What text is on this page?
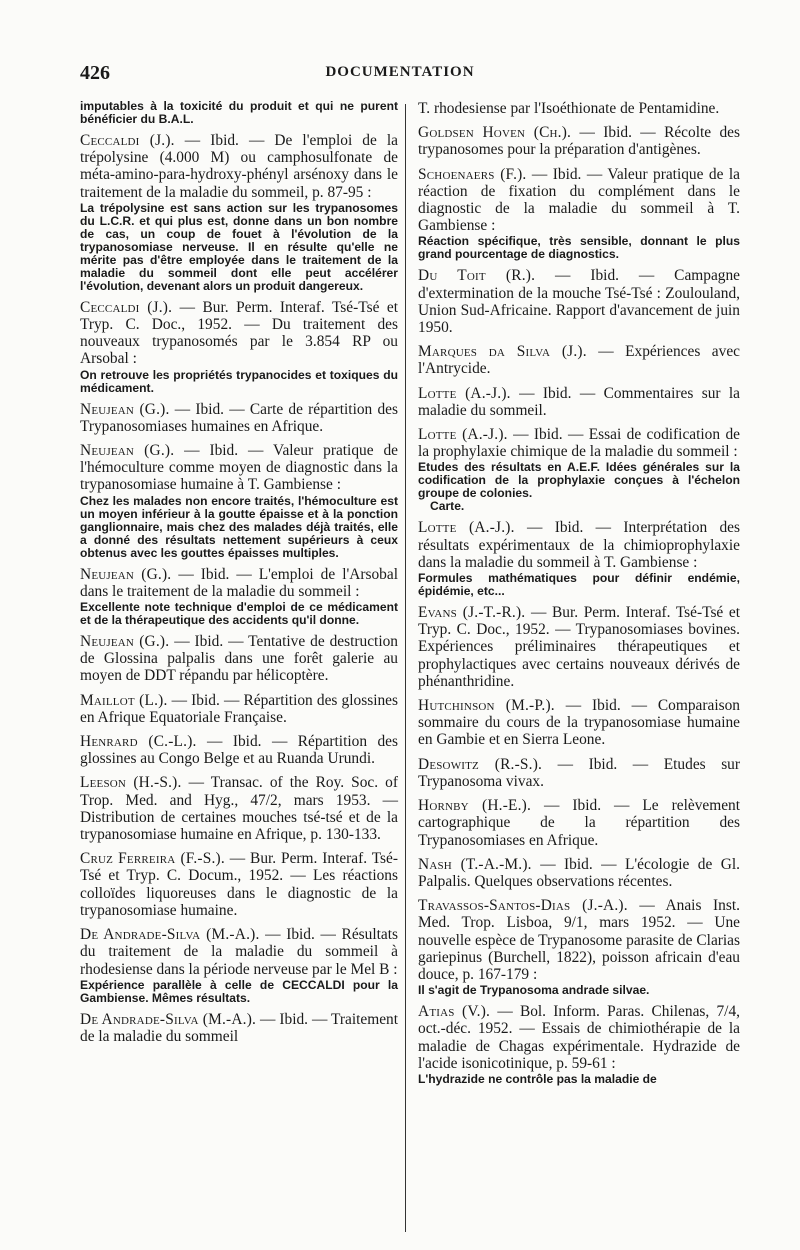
426	DOCUMENTATION
imputables à la toxicité du produit et qui ne purent bénéficier du B.A.L.
Ceccaldi (J.). — Ibid. — De l'emploi de la trépolysine (4.000 M) ou camphosulfonate de méta-amino-para-hydroxy-phényl arsénoxy dans le traitement de la maladie du sommeil, p. 87-95 :
La trépolysine est sans action sur les trypanosomes du L.C.R. et qui plus est, donne dans un bon nombre de cas, un coup de fouet à l'évolution de la trypanosomiase nerveuse. Il en résulte qu'elle ne mérite pas d'être employée dans le traitement de la maladie du sommeil dont elle peut accélérer l'évolution, devenant alors un produit dangereux.
Ceccaldi (J.). — Bur. Perm. Interaf. Tsé-Tsé et Tryp. C. Doc., 1952. — Du traitement des nouveaux trypanosomés par le 3.854 RP ou Arsobal :
On retrouve les propriétés trypanocides et toxiques du médicament.
Neujean (G.). — Ibid. — Carte de répartition des Trypanosomiases humaines en Afrique.
Neujean (G.). — Ibid. — Valeur pratique de l'hémoculture comme moyen de diagnostic dans la trypanosomiase humaine à T. Gambiense :
Chez les malades non encore traités, l'hémoculture est un moyen inférieur à la goutte épaisse et à la ponction ganglionnaire, mais chez des malades déjà traités, elle a donné des résultats nettement supérieurs à ceux obtenus avec les gouttes épaisses multiples.
Neujean (G.). — Ibid. — L'emploi de l'Arsobal dans le traitement de la maladie du sommeil :
Excellente note technique d'emploi de ce médicament et de la thérapeutique des accidents qu'il donne.
Neujean (G.). — Ibid. — Tentative de destruction de Glossina palpalis dans une forêt galerie au moyen de DDT répandu par hélicoptère.
Maillot (L.). — Ibid. — Répartition des glossines en Afrique Equatoriale Française.
Henrard (C.-L.). — Ibid. — Répartition des glossines au Congo Belge et au Ruanda Urundi.
Leeson (H.-S.). — Transac. of the Roy. Soc. of Trop. Med. and Hyg., 47/2, mars 1953. — Distribution de certaines mouches tsé-tsé et de la trypanosomiase humaine en Afrique, p. 130-133.
Cruz Ferreira (F.-S.). — Bur. Perm. Interaf. Tsé-Tsé et Tryp. C. Docum., 1952. — Les réactions colloïdes liquoreuses dans le diagnostic de la trypanosomiase humaine.
De Andrade-Silva (M.-A.). — Ibid. — Résultats du traitement de la maladie du sommeil à rhodesiense dans la période nerveuse par le Mel B :
Expérience parallèle à celle de CECCALDI pour la Gambiense. Mêmes résultats.
De Andrade-Silva (M.-A.). — Ibid. — Traitement de la maladie du sommeil
T. rhodesiense par l'Isoéthionate de Pentamidine.
Goldsen Hoven (Ch.). — Ibid. — Récolte des trypanosomes pour la préparation d'antigènes.
Schoenaers (F.). — Ibid. — Valeur pratique de la réaction de fixation du complément dans le diagnostic de la maladie du sommeil à T. Gambiense :
Réaction spécifique, très sensible, donnant le plus grand pourcentage de diagnostics.
Du Toit (R.). — Ibid. — Campagne d'extermination de la mouche Tsé-Tsé : Zoulouland, Union Sud-Africaine. Rapport d'avancement de juin 1950.
Marques da Silva (J.). — Expériences avec l'Antrycide.
Lotte (A.-J.). — Ibid. — Commentaires sur la maladie du sommeil.
Lotte (A.-J.). — Ibid. — Essai de codification de la prophylaxie chimique de la maladie du sommeil :
Etudes des résultats en A.E.F. Idées générales sur la codification de la prophylaxie conçues à l'échelon groupe de colonies.
Carte.
Lotte (A.-J.). — Ibid. — Interprétation des résultats expérimentaux de la chimioprophylaxie dans la maladie du sommeil à T. Gambiense :
Formules mathématiques pour définir endémie, épidémie, etc...
Evans (J.-T.-R.). — Bur. Perm. Interaf. Tsé-Tsé et Tryp. C. Doc., 1952. — Trypanosomiases bovines. Expériences préliminaires thérapeutiques et prophylactiques avec certains nouveaux dérivés de phénanthridine.
Hutchinson (M.-P.). — Ibid. — Comparaison sommaire du cours de la trypanosomiase humaine en Gambie et en Sierra Leone.
Desowitz (R.-S.). — Ibid. — Etudes sur Trypanosoma vivax.
Hornby (H.-E.). — Ibid. — Le relèvement cartographique de la répartition des Trypanosomiases en Afrique.
Nash (T.-A.-M.). — Ibid. — L'écologie de Gl. Palpalis. Quelques observations récentes.
Travassos-Santos-Dias (J.-A.). — Anais Inst. Med. Trop. Lisboa, 9/1, mars 1952. — Une nouvelle espèce de Trypanosome parasite de Clarias gariepinus (Burchell, 1822), poisson africain d'eau douce, p. 167-179 :
Il s'agit de Trypanosoma andrade silvae.
Atias (V.). — Bol. Inform. Paras. Chilenas, 7/4, oct.-déc. 1952. — Essais de chimiothérapie de la maladie de Chagas expérimentale. Hydrazide de l'acide isonicotinique, p. 59-61 :
L'hydrazide ne contrôle pas la maladie de
